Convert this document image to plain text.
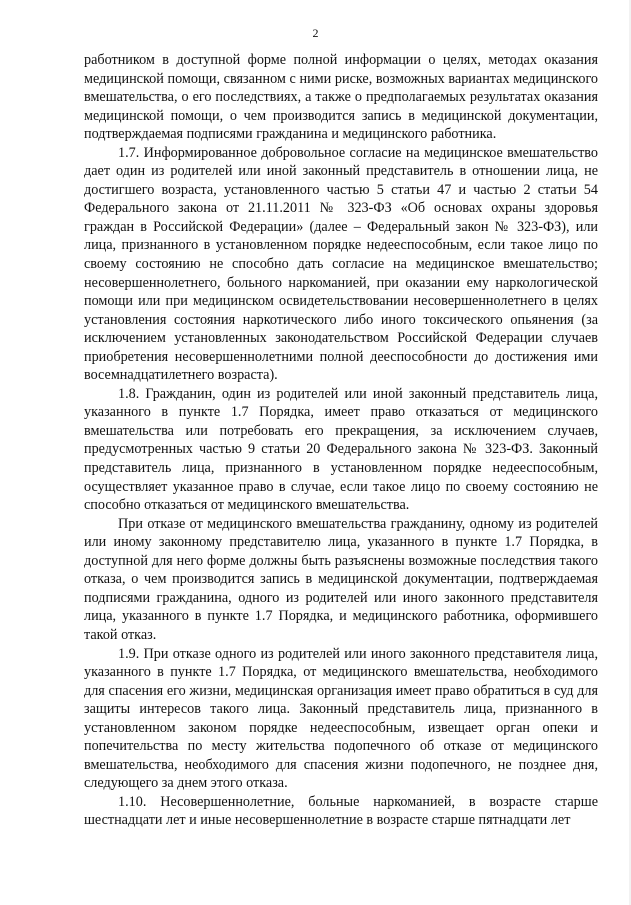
2

работником в доступной форме полной информации о целях, методах оказания медицинской помощи, связанном с ними риске, возможных вариантах медицинского вмешательства, о его последствиях, а также о предполагаемых результатах оказания медицинской помощи, о чем производится запись в медицинской документации, подтверждаемая подписями гражданина и медицинского работника.

1.7. Информированное добровольное согласие на медицинское вмешательство дает один из родителей или иной законный представитель в отношении лица, не достигшего возраста, установленного частью 5 статьи 47 и частью 2 статьи 54 Федерального закона от 21.11.2011 № 323-ФЗ «Об основах охраны здоровья граждан в Российской Федерации» (далее – Федеральный закон № 323-ФЗ), или лица, признанного в установленном порядке недееспособным, если такое лицо по своему состоянию не способно дать согласие на медицинское вмешательство; несовершеннолетнего, больного наркоманией, при оказании ему наркологической помощи или при медицинском освидетельствовании несовершеннолетнего в целях установления состояния наркотического либо иного токсического опьянения (за исключением установленных законодательством Российской Федерации случаев приобретения несовершеннолетними полной дееспособности до достижения ими восемнадцатилетнего возраста).

1.8. Гражданин, один из родителей или иной законный представитель лица, указанного в пункте 1.7 Порядка, имеет право отказаться от медицинского вмешательства или потребовать его прекращения, за исключением случаев, предусмотренных частью 9 статьи 20 Федерального закона № 323-ФЗ. Законный представитель лица, признанного в установленном порядке недееспособным, осуществляет указанное право в случае, если такое лицо по своему состоянию не способно отказаться от медицинского вмешательства.

При отказе от медицинского вмешательства гражданину, одному из родителей или иному законному представителю лица, указанного в пункте 1.7 Порядка, в доступной для него форме должны быть разъяснены возможные последствия такого отказа, о чем производится запись в медицинской документации, подтверждаемая подписями гражданина, одного из родителей или иного законного представителя лица, указанного в пункте 1.7 Порядка, и медицинского работника, оформившего такой отказ.

1.9. При отказе одного из родителей или иного законного представителя лица, указанного в пункте 1.7 Порядка, от медицинского вмешательства, необходимого для спасения его жизни, медицинская организация имеет право обратиться в суд для защиты интересов такого лица. Законный представитель лица, признанного в установленном законом порядке недееспособным, извещает орган опеки и попечительства по месту жительства подопечного об отказе от медицинского вмешательства, необходимого для спасения жизни подопечного, не позднее дня, следующего за днем этого отказа.

1.10. Несовершеннолетние, больные наркоманией, в возрасте старше шестнадцати лет и иные несовершеннолетние в возрасте старше пятнадцати лет
